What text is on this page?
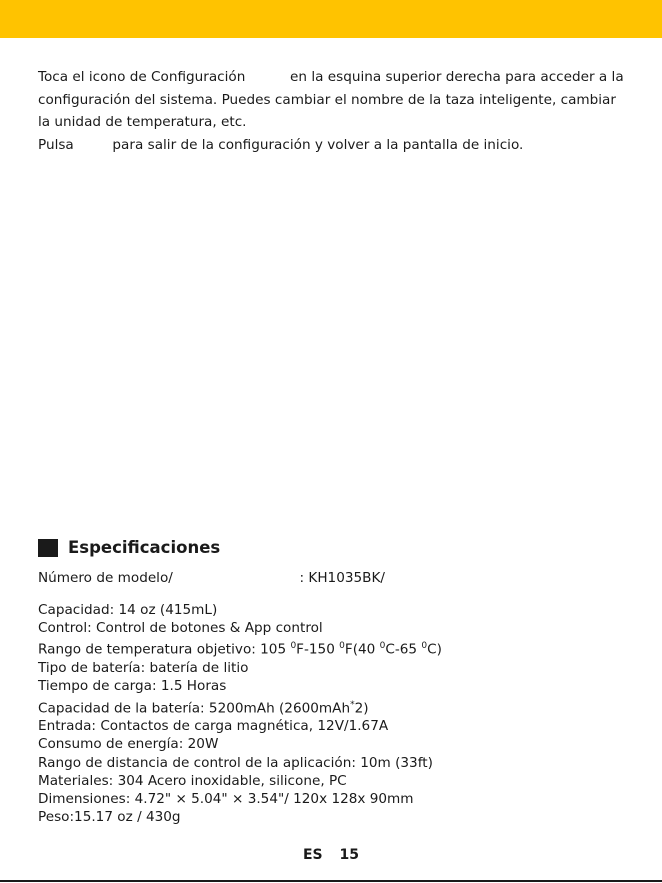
Toca el icono de Configuración	en la esquina superior derecha para acceder a la
configuración del sistema. Puedes cambiar el nombre de la taza inteligente, cambiar
la unidad de temperatura, etc.
Pulsa	para salir de la configuración y volver a la pantalla de inicio.
Especificaciones
Número de modelo/	: KH1035BK/
Capacidad: 14 oz (415mL)
Control: Control de botones & App control
Rango de temperatura objetivo: 105 $^0$F-150 $^0$F(40 $^0$C-65 $^0$C)
Tipo de batería: batería de litio
Tiempo de carga: 1.5 Horas
Capacidad de la batería: 5200mAh (2600mAh*2)
Entrada: Contactos de carga magnética, 12V/1.67A
Consumo de energía: 20W
Rango de distancia de control de la aplicación: 10m (33ft)
Materiales: 304 Acero inoxidable, silicone, PC
Dimensiones: 4.72" × 5.04" × 3.54"/ 120x 128x 90mm
Peso:15.17 oz / 430g
ES 15
